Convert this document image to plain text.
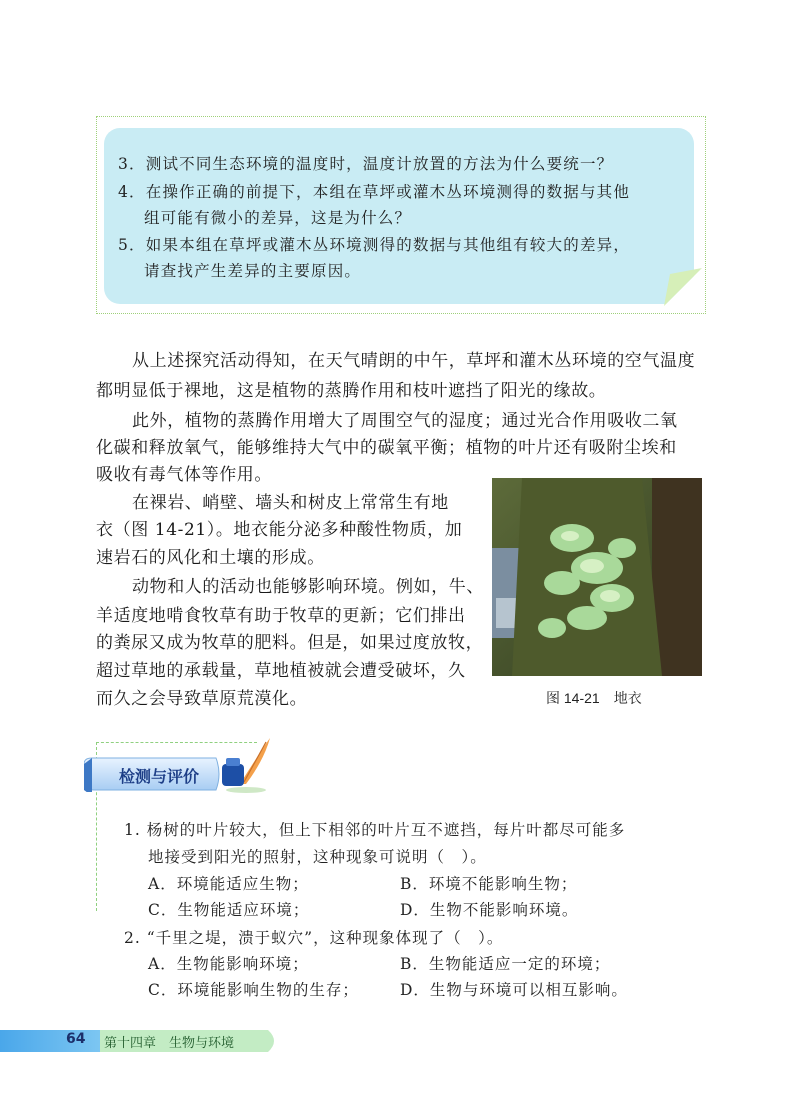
3．测试不同生态环境的温度时，温度计放置的方法为什么要统一？
4．在操作正确的前提下，本组在草坪或灌木丛环境测得的数据与其他
组可能有微小的差异，这是为什么？
5．如果本组在草坪或灌木丛环境测得的数据与其他组有较大的差异，
请查找产生差异的主要原因。
从上述探究活动得知，在天气晴朗的中午，草坪和灌木丛环境的空气温度
都明显低于裸地，这是植物的蒸腾作用和枝叶遮挡了阳光的缘故。
此外，植物的蒸腾作用增大了周围空气的湿度；通过光合作用吸收二氧
化碳和释放氧气，能够维持大气中的碳氧平衡；植物的叶片还有吸附尘埃和
吸收有毒气体等作用。
在裸岩、峭壁、墙头和树皮上常常生有地
衣（图 14-21）。地衣能分泌多种酸性物质，加
速岩石的风化和土壤的形成。
动物和人的活动也能够影响环境。例如，牛、
羊适度地啃食牧草有助于牧草的更新；它们排出
的粪尿又成为牧草的肥料。但是，如果过度放牧，
超过草地的承载量，草地植被就会遭受破坏，久
而久之会导致草原荒漠化。	图 14-21　地衣
检测与评价
1. 杨树的叶片较大，但上下相邻的叶片互不遮挡，每片叶都尽可能多
地接受到阳光的照射，这种现象可说明（　）。
A．环境能适应生物；	B．环境不能影响生物；
C．生物能适应环境；	D．生物不能影响环境。
2. “千里之堤，溃于蚁穴”，这种现象体现了（　）。
A．生物能影响环境；	B．生物能适应一定的环境；
C．环境能影响生物的生存；	D．生物与环境可以相互影响。
64 第十四章　生物与环境
